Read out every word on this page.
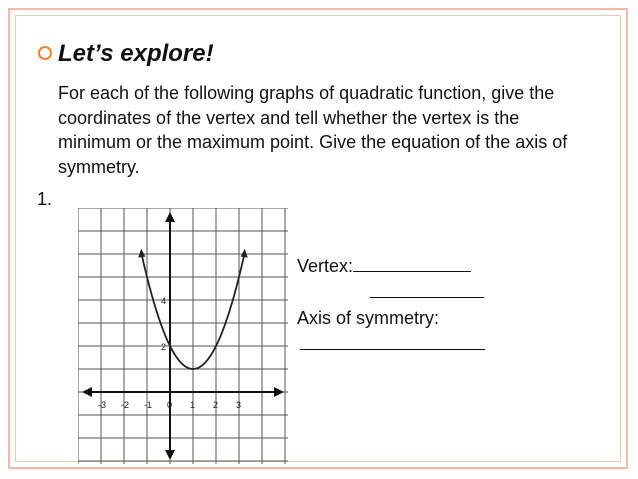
Let’s explore!
For each of the following graphs of quadratic function, give the coordinates of the vertex and tell whether the vertex is the minimum or the maximum point. Give the equation of the axis of symmetry.
1.
-3 -2 -1 0 1 2 3
4
2
Vertex:
Axis of symmetry:
